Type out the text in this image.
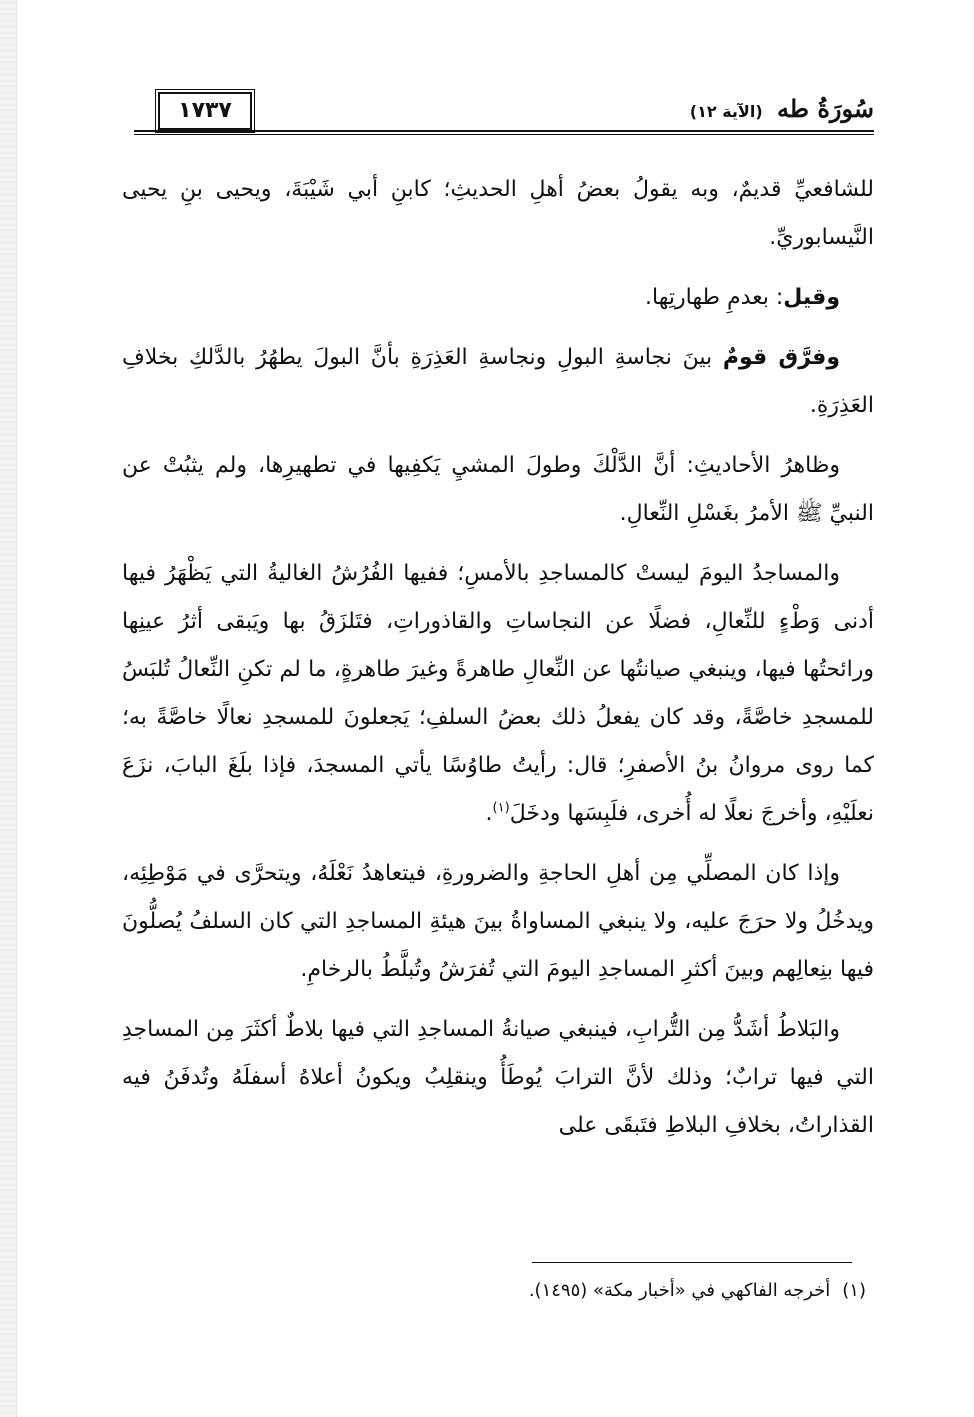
سُورَةُ طه (الآية ١٢)
١٧٣٧

للشافعيِّ قديمٌ، وبه يقولُ بعضُ أهلِ الحديثِ؛ كابنِ أبي شَيْبَةَ، ويحيى بنِ يحيى النَّيسابوريِّ.

وقيل: بعدمِ طهارتِها.

وفرَّق قومٌ بينَ نجاسةِ البولِ ونجاسةِ العَذِرَةِ بأنَّ البولَ يطهُرُ بالدَّلكِ بخلافِ العَذِرَةِ.

وظاهرُ الأحاديثِ: أنَّ الدَّلْكَ وطولَ المشيِ يَكفِيها في تطهيرِها، ولم يثبُتْ عن النبيِّ ﷺ الأمرُ بغَسْلِ النِّعالِ.

والمساجدُ اليومَ ليستْ كالمساجدِ بالأمسِ؛ ففيها الفُرُشُ الغاليةُ التي يَظْهَرُ فيها أدنى وَطْءٍ للنِّعالِ، فضلًا عن النجاساتِ والقاذوراتِ، فتَلزَقُ بها ويَبقى أثرُ عينِها ورائحتُها فيها، وينبغي صيانتُها عن النِّعالِ طاهرةً وغيرَ طاهرةٍ، ما لم تكنِ النِّعالُ تُلبَسُ للمسجدِ خاصَّةً، وقد كان يفعلُ ذلك بعضُ السلفِ؛ يَجعلونَ للمسجدِ نعالًا خاصَّةً به؛ كما روى مروانُ بنُ الأصفرِ؛ قال: رأيتُ طاوُسًا يأتي المسجدَ، فإذا بلَغَ البابَ، نزَعَ نعلَيْهِ، وأخرجَ نعلًا له أُخرى، فلَبِسَها ودخَلَ$^{(١)}$.

وإذا كان المصلِّي مِن أهلِ الحاجةِ والضرورةِ، فيتعاهدُ نَعْلَهُ، ويتحرَّى في مَوْطِئِه، ويدخُلُ ولا حرَجَ عليه، ولا ينبغي المساواةُ بينَ هيئةِ المساجدِ التي كان السلفُ يُصلُّونَ فيها بنِعالِهم وبينَ أكثرِ المساجدِ اليومَ التي تُفرَشُ وتُبلَّطُ بالرخامِ.

والبَلاطُ أشَدُّ مِن التُّرابِ، فينبغي صيانةُ المساجدِ التي فيها بلاطٌ أكثَرَ مِن المساجدِ التي فيها ترابٌ؛ وذلك لأنَّ الترابَ يُوطَأُ وينقلِبُ ويكونُ أعلاهُ أسفلَهُ وتُدفَنُ فيه القذاراتُ، بخلافِ البلاطِ فتَبقَى على

(١)أخرجه الفاكهي في «أخبار مكة» (١٤٩٥).
